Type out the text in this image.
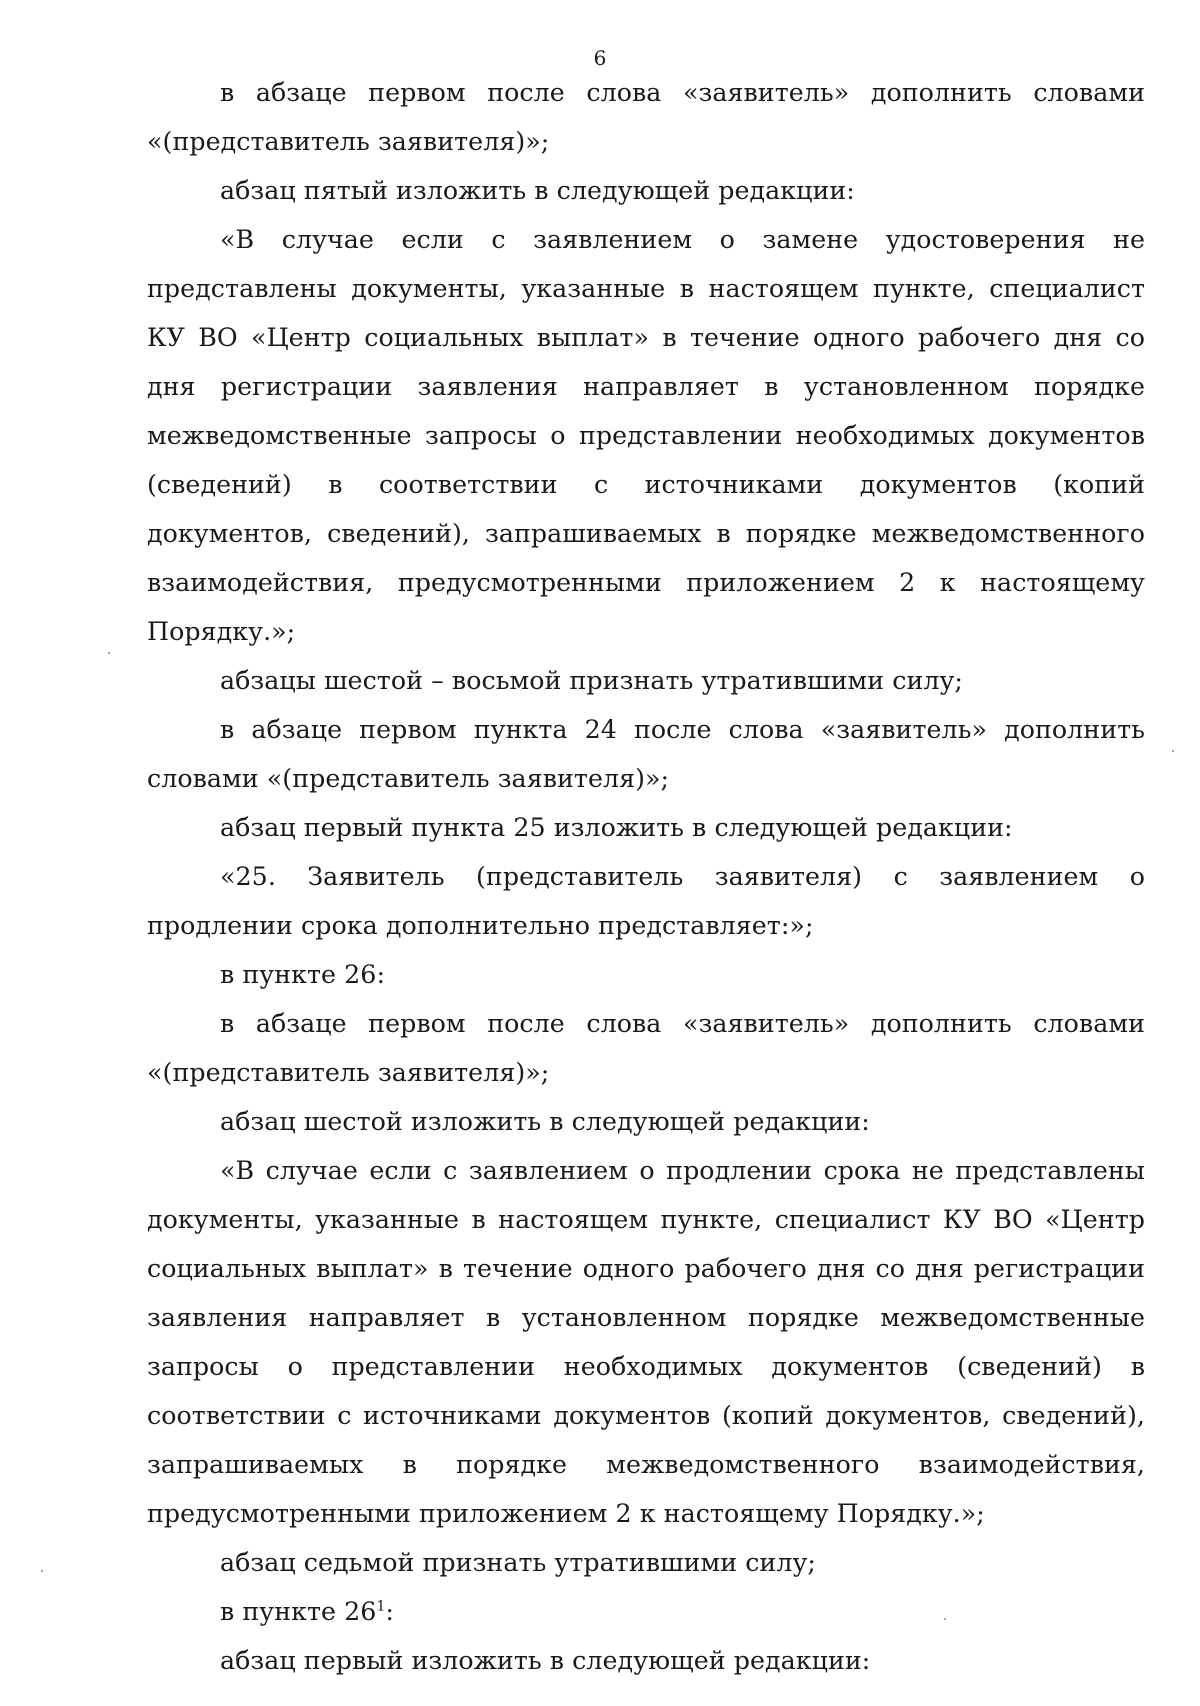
6

в абзаце первом после слова «заявитель» дополнить словами «(представитель заявителя)»;

абзац пятый изложить в следующей редакции:

«В случае если с заявлением о замене удостоверения не представлены документы, указанные в настоящем пункте, специалист КУ ВО «Центр социальных выплат» в течение одного рабочего дня со дня регистрации заявления направляет в установленном порядке межведомственные запросы о представлении необходимых документов (сведений) в соответствии с источниками документов (копий документов, сведений), запрашиваемых в порядке межведомственного взаимодействия, предусмотренными приложением 2 к настоящему Порядку.»;

абзацы шестой – восьмой признать утратившими силу;

в абзаце первом пункта 24 после слова «заявитель» дополнить словами «(представитель заявителя)»;

абзац первый пункта 25 изложить в следующей редакции:

«25. Заявитель (представитель заявителя) с заявлением о продлении срока дополнительно представляет:»;

в пункте 26:

в абзаце первом после слова «заявитель» дополнить словами «(представитель заявителя)»;

абзац шестой изложить в следующей редакции:

«В случае если с заявлением о продлении срока не представлены документы, указанные в настоящем пункте, специалист КУ ВО «Центр социальных выплат» в течение одного рабочего дня со дня регистрации заявления направляет в установленном порядке межведомственные запросы о представлении необходимых документов (сведений) в соответствии с источниками документов (копий документов, сведений), запрашиваемых в порядке межведомственного взаимодействия, предусмотренными приложением 2 к настоящему Порядку.»;

абзац седьмой признать утратившими силу;

в пункте $26^1$:

абзац первый изложить в следующей редакции:
